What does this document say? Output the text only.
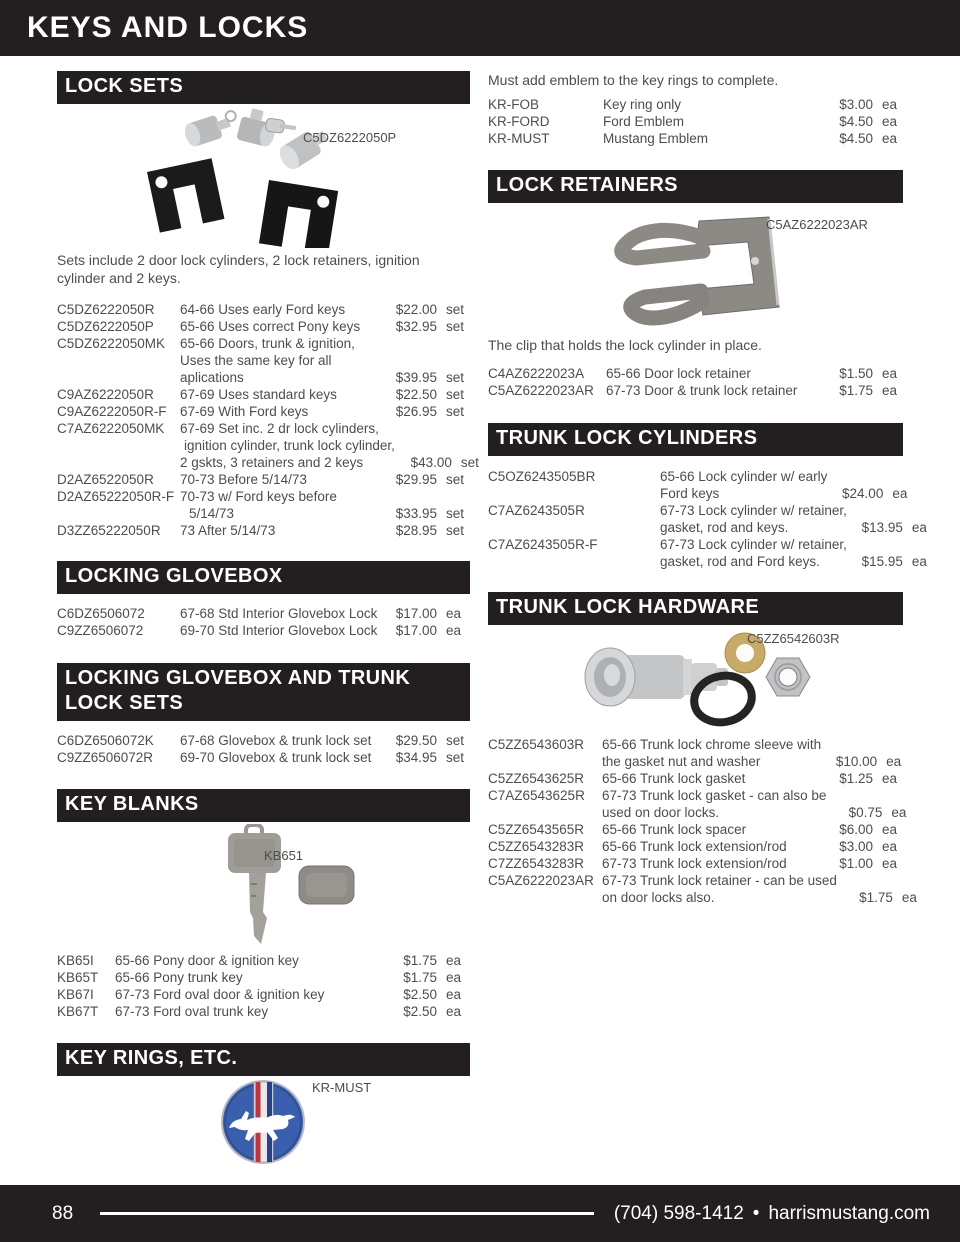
KEYS AND LOCKS
LOCK SETS
C5DZ6222050P

Sets include 2 door lock cylinders, 2 lock retainers, ignition cylinder and 2 keys.

C5DZ6222050R	64-66 Uses early Ford keys	$22.00 set
C5DZ6222050P	65-66 Uses correct Pony keys	$32.95 set
C5DZ6222050MK	65-66 Doors, trunk & ignition,
Uses the same key for all
aplications	$39.95 set
C9AZ6222050R	67-69 Uses standard keys	$22.50 set
C9AZ6222050R-F 67-69 With Ford keys	$26.95 set
C7AZ6222050MK	67-69 Set inc. 2 dr lock cylinders,
ignition cylinder, trunk lock cylinder,
2 gskts, 3 retainers and 2 keys	$43.00 set
D2AZ6522050R	70-73 Before 5/14/73	$29.95 set
D2AZ65222050R-F 70-73 w/ Ford keys before
5/14/73	$33.95 set
D3ZZ65222050R	73 After 5/14/73	$28.95 set
LOCKING GLOVEBOX
C6DZ6506072	67-68 Std Interior Glovebox Lock	$17.00 ea
C9ZZ6506072	69-70 Std Interior Glovebox Lock	$17.00 ea
LOCKING GLOVEBOX AND TRUNK
LOCK SETS
C6DZ6506072K	67-68 Glovebox & trunk lock set	$29.50 set
C9ZZ6506072R	69-70 Glovebox & trunk lock set	$34.95 set
KEY BLANKS
KB651
KB65I	65-66 Pony door & ignition key	$1.75 ea
KB65T	65-66 Pony trunk key	$1.75 ea
KB67I	67-73 Ford oval door & ignition key	$2.50 ea
KB67T	67-73 Ford oval trunk key	$2.50 ea
KEY RINGS, ETC.
KR-MUST

Must add emblem to the key rings to complete.

KR-FOB	Key ring only	$3.00 ea
KR-FORD	Ford Emblem	$4.50 ea
KR-MUST	Mustang Emblem	$4.50 ea
LOCK RETAINERS
C5AZ6222023AR

The clip that holds the lock cylinder in place.

C4AZ6222023A	65-66 Door lock retainer	$1.50 ea
C5AZ6222023AR 67-73 Door & trunk lock retainer	$1.75 ea
TRUNK LOCK CYLINDERS
C5OZ6243505BR	65-66 Lock cylinder w/ early
Ford keys	$24.00 ea
C7AZ6243505R	67-73 Lock cylinder w/ retainer,
gasket, rod and keys.	$13.95 ea
C7AZ6243505R-F	67-73 Lock cylinder w/ retainer,
gasket, rod and Ford keys.	$15.95 ea
TRUNK LOCK HARDWARE
C5ZZ6542603R
C5ZZ6543603R	65-66 Trunk lock chrome sleeve with
the gasket nut and washer	$10.00 ea
C5ZZ6543625R	65-66 Trunk lock gasket	$1.25 ea
C7AZ6543625R	67-73 Trunk lock gasket - can also be
used on door locks.	$0.75 ea
C5ZZ6543565R	65-66 Trunk lock spacer	$6.00 ea
C5ZZ6543283R	65-66 Trunk lock extension/rod	$3.00 ea
C7ZZ6543283R	67-73 Trunk lock extension/rod	$1.00 ea
C5AZ6222023AR 67-73 Trunk lock retainer - can be used
on door locks also.	$1.75 ea
88	(704) 598-1412 • harrismustang.com
